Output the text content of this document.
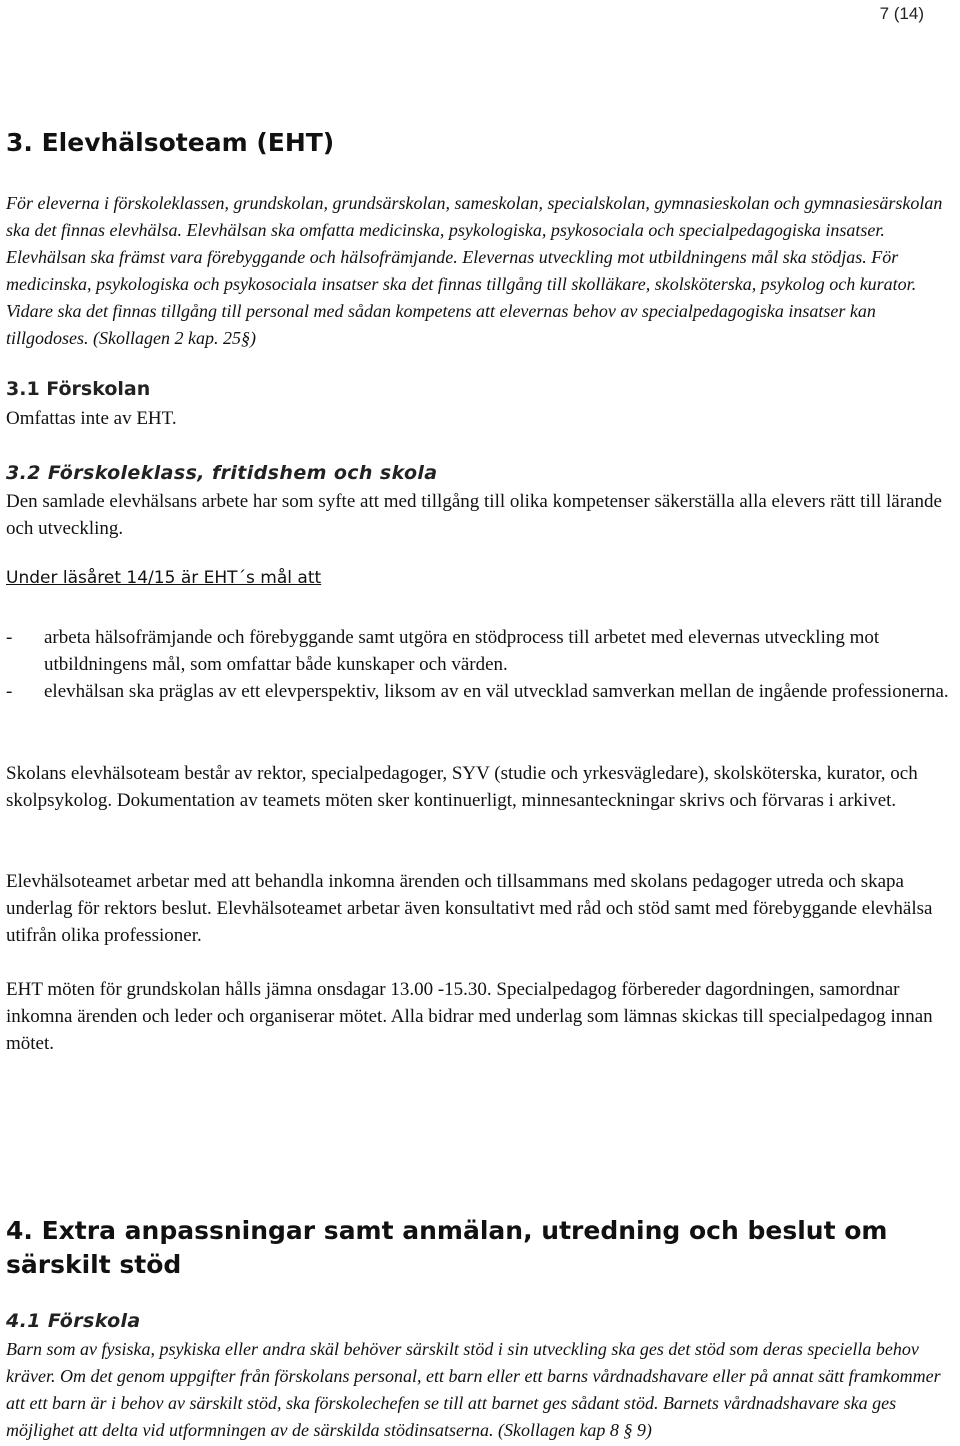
7 (14)
3. Elevhälsoteam (EHT)

För eleverna i förskoleklassen, grundskolan, grundsärskolan, sameskolan, specialskolan, gymnasieskolan och gymnasiesärskolan ska det finnas elevhälsa. Elevhälsan ska omfatta medicinska, psykologiska, psykosociala och specialpedagogiska insatser. Elevhälsan ska främst vara förebyggande och hälsofrämjande. Elevernas utveckling mot utbildningens mål ska stödjas. För medicinska, psykologiska och psykosociala insatser ska det finnas tillgång till skolläkare, skolsköterska, psykolog och kurator. Vidare ska det finnas tillgång till personal med sådan kompetens att elevernas behov av specialpedagogiska insatser kan tillgodoses. (Skollagen 2 kap. 25§)

3.1 Förskolan

Omfattas inte av EHT.

3.2 Förskoleklass, fritidshem och skola

Den samlade elevhälsans arbete har som syfte att med tillgång till olika kompetenser säkerställa alla elevers rätt till lärande och utveckling.

Under läsåret 14/15 är EHT´s mål att
- arbeta hälsofrämjande och förebyggande samt utgöra en stödprocess till arbetet med elevernas utveckling mot utbildningens mål, som omfattar både kunskaper och värden.
- elevhälsan ska präglas av ett elevperspektiv, liksom av en väl utvecklad samverkan mellan de ingående professionerna.

Skolans elevhälsoteam består av rektor, specialpedagoger, SYV (studie och yrkesvägledare), skolsköterska, kurator, och skolpsykolog. Dokumentation av teamets möten sker kontinuerligt, minnesanteckningar skrivs och förvaras i arkivet.

Elevhälsoteamet arbetar med att behandla inkomna ärenden och tillsammans med skolans pedagoger utreda och skapa underlag för rektors beslut. Elevhälsoteamet arbetar även konsultativt med råd och stöd samt med förebyggande elevhälsa utifrån olika professioner.

EHT möten för grundskolan hålls jämna onsdagar 13.00 -15.30. Specialpedagog förbereder dagordningen, samordnar inkomna ärenden och leder och organiserar mötet. Alla bidrar med underlag som lämnas skickas till specialpedagog innan mötet.

4. Extra anpassningar samt anmälan, utredning och beslut om särskilt stöd
4.1 Förskola

Barn som av fysiska, psykiska eller andra skäl behöver särskilt stöd i sin utveckling ska ges det stöd som deras speciella behov kräver. Om det genom uppgifter från förskolans personal, ett barn eller ett barns vårdnadshavare eller på annat sätt framkommer att ett barn är i behov av särskilt stöd, ska förskolechefen se till att barnet ges sådant stöd. Barnets vårdnadshavare ska ges möjlighet att delta vid utformningen av de särskilda stödinsatserna. (Skollagen kap 8 § 9)
